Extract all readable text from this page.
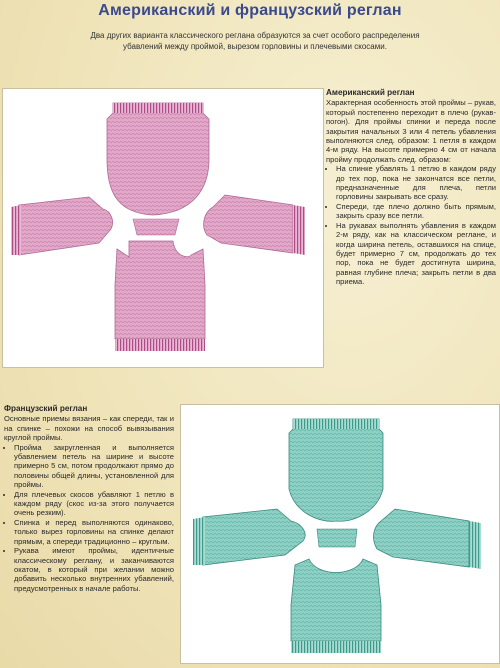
Американский и французский реглан
Два других варианта классического реглана образуются за счет особого распределения убавлений между проймой, вырезом горловины и плечевыми скосами.
Американский реглан

Характерная особенность этой проймы – рукав, который постепенно переходит в плечо (рукав-погон). Для проймы спинки и переда после закрытия начальных 3 или 4 петель убавления выполняются след. образом: 1 петля в каждом 4-м ряду. На высоте примерно 4 см от начала пройму продолжать след. образом:

• На спинке убавлять 1 петлю в каждом ряду до тех пор, пока не закончатся все петли, предназначенные для плеча, петли горловины закрывать все сразу.
• Спереди, где плечо должно быть прямым, закрыть сразу все петли.
• На рукавах выполнять убавления в каждом 2-м ряду, как на классическом реглане, и когда ширина петель, оставшихся на спице, будет примерно 7 см, продолжать до тех пор, пока не будет достигнута ширина, равная глубине плеча; закрыть петли в два приема.
Французский реглан

Основные приемы вязания – как спереди, так и на спинке – похожи на способ вывязывания круглой проймы.

• Пройма закругленная и выполняется убавлением петель на ширине и высоте примерно 5 см, потом продолжают прямо до половины общей длины, установленной для проймы.
• Для плечевых скосов убавляют 1 петлю в каждом ряду (скос из-за этого получается очень резким).
• Спинка и перед выполняются одинаково, только вырез горловины на спинке делают прямым, а спереди традиционно – круглым.
• Рукава имеют проймы, идентичные классическому реглану, и заканчиваются окатом, в который при желании можно добавить несколько внутренних убавлений, предусмотренных в начале работы.
